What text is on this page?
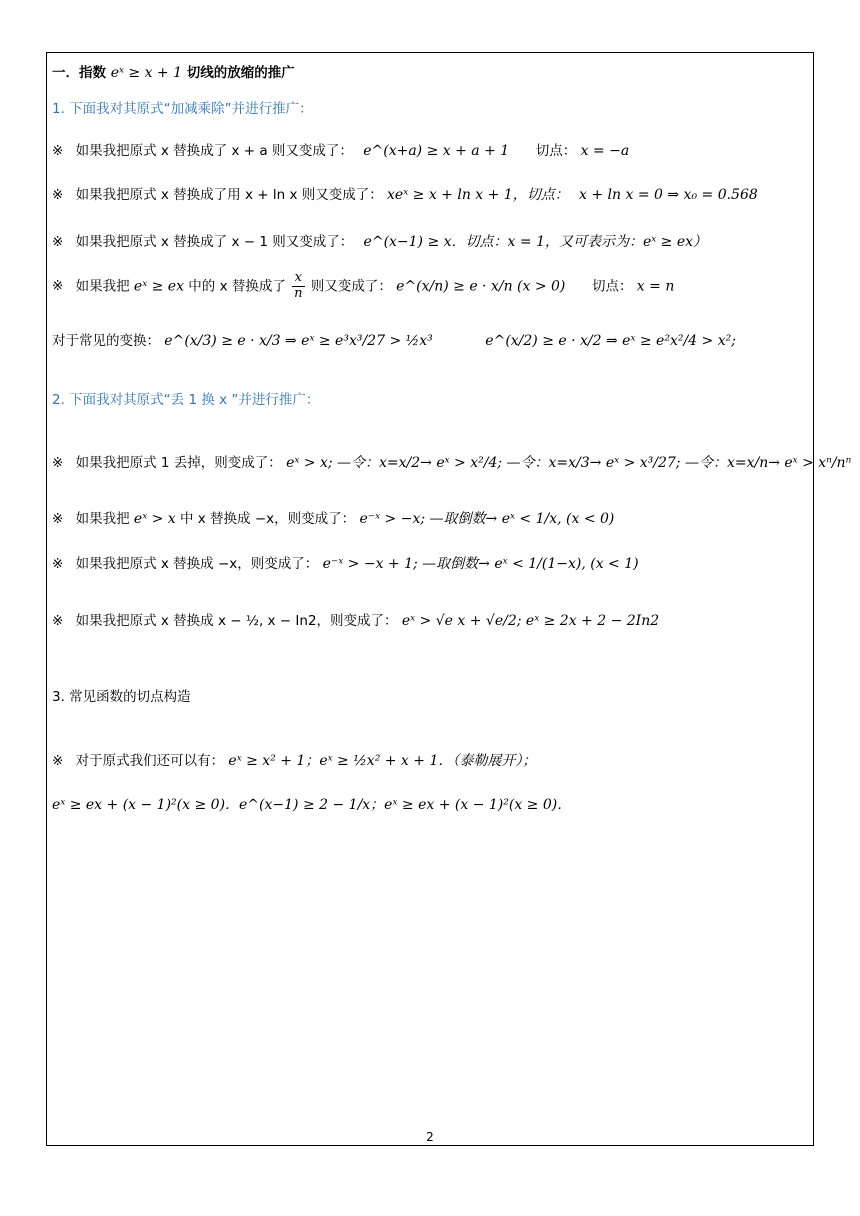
一．指数 eˣ ≥ x + 1 切线的放缩的推广
1. 下面我对其原式“加减乘除”并进行推广：
※ 如果我把原式 x 替换成了 x + a 则又变成了： e^(x+a) ≥ x + a + 1 切点： x = −a
※ 如果我把原式 x 替换成了用 x + ln x 则又变成了： xeˣ ≥ x + ln x + 1，切点： x + ln x = 0 ⇒ x₀ = 0.568
※ 如果我把原式 x 替换成了 x − 1 则又变成了： e^(x−1) ≥ x．切点：x = 1，又可表示为：eˣ ≥ ex）
※ 如果我把 eˣ ≥ ex 中的 x 替换成了 $\frac{x}{n}$ 则又变成了： e^(x/n) ≥ e · x/n (x > 0) 切点： x = n
对于常见的变换： e^(x/3) ≥ e · x/3 ⇒ eˣ ≥ e³x³/27 > ½x³	e^(x/2) ≥ e · x/2 ⇒ eˣ ≥ e²x²/4 > x²;
2. 下面我对其原式“丢 1 换 x ”并进行推广：
※ 如果我把原式 1 丢掉，则变成了： eˣ > x; —令：x=x/2→ eˣ > x²/4; —令：x=x/3→ eˣ > x³/27; —令：x=x/n→ eˣ > xⁿ/nⁿ
※ 如果我把 eˣ > x 中 x 替换成 −x，则变成了： e⁻ˣ > −x; —取倒数→ eˣ < 1/x, (x < 0)
※ 如果我把原式 x 替换成 −x，则变成了： e⁻ˣ > −x + 1; —取倒数→ eˣ < 1/(1−x), (x < 1)
※ 如果我把原式 x 替换成 x − ½, x − In2，则变成了： eˣ > √e x + √e/2; eˣ ≥ 2x + 2 − 2In2
3. 常见函数的切点构造
※ 对于原式我们还可以有： eˣ ≥ x² + 1；eˣ ≥ ½x² + x + 1．（泰勒展开）；
eˣ ≥ ex + (x − 1)²(x ≥ 0)．e^(x−1) ≥ 2 − 1/x；eˣ ≥ ex + (x − 1)²(x ≥ 0)．
2
